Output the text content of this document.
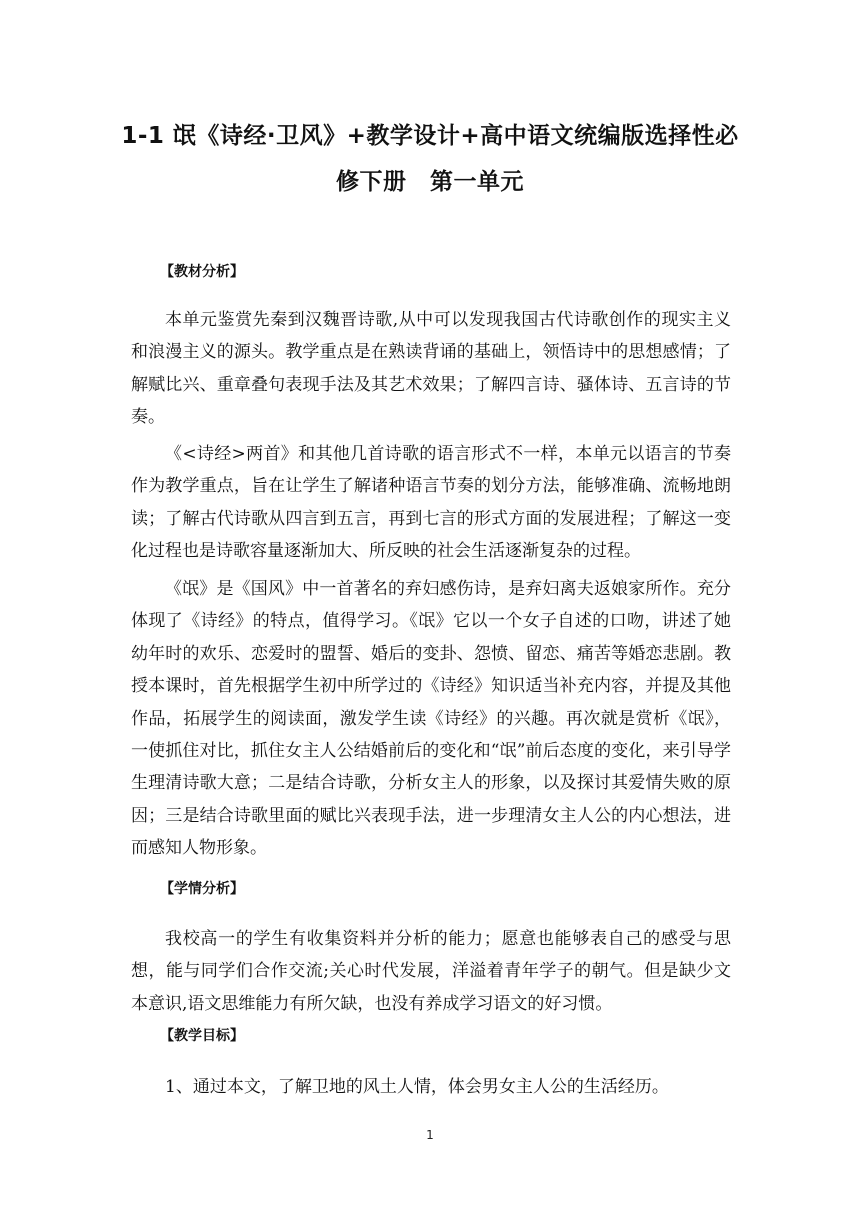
1-1 氓《诗经·卫风》+教学设计+高中语文统编版选择性必
修下册　第一单元
【教材分析】

本单元鉴赏先秦到汉魏晋诗歌,从中可以发现我国古代诗歌创作的现实主义和浪漫主义的源头。教学重点是在熟读背诵的基础上，领悟诗中的思想感情；了解赋比兴、重章叠句表现手法及其艺术效果；了解四言诗、骚体诗、五言诗的节奏。

《<诗经>两首》和其他几首诗歌的语言形式不一样，本单元以语言的节奏作为教学重点，旨在让学生了解诸种语言节奏的划分方法，能够准确、流畅地朗读；了解古代诗歌从四言到五言，再到七言的形式方面的发展进程；了解这一变化过程也是诗歌容量逐渐加大、所反映的社会生活逐渐复杂的过程。

《氓》是《国风》中一首著名的弃妇感伤诗，是弃妇离夫返娘家所作。充分体现了《诗经》的特点，值得学习。《氓》它以一个女子自述的口吻，讲述了她幼年时的欢乐、恋爱时的盟誓、婚后的变卦、怨愤、留恋、痛苦等婚恋悲剧。教授本课时，首先根据学生初中所学过的《诗经》知识适当补充内容，并提及其他作品，拓展学生的阅读面，激发学生读《诗经》的兴趣。再次就是赏析《氓》，一使抓住对比，抓住女主人公结婚前后的变化和“氓”前后态度的变化，来引导学生理清诗歌大意；二是结合诗歌，分析女主人的形象，以及探讨其爱情失败的原因；三是结合诗歌里面的赋比兴表现手法，进一步理清女主人公的内心想法，进而感知人物形象。

【学情分析】

我校高一的学生有收集资料并分析的能力；愿意也能够表自己的感受与思想，能与同学们合作交流;关心时代发展，洋溢着青年学子的朝气。但是缺少文本意识,语文思维能力有所欠缺，也没有养成学习语文的好习惯。

【教学目标】

1、通过本文，了解卫地的风土人情，体会男女主人公的生活经历。

1
